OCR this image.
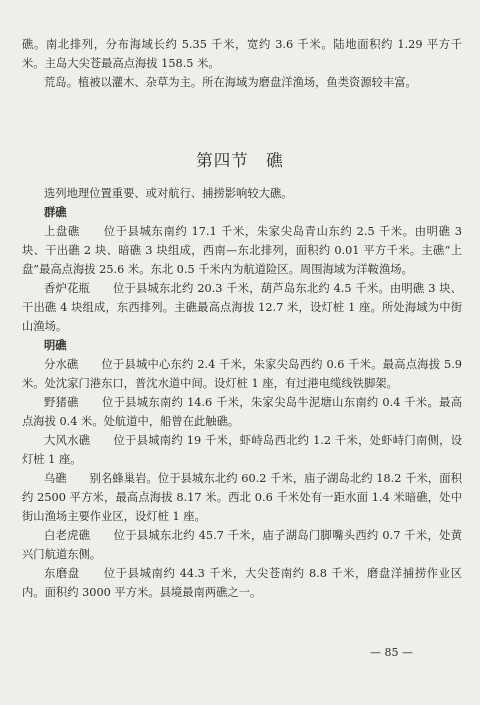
礁。南北排列，分布海域长约 5.35 千米，宽约 3.6 千米。陆地面积约 1.29 平方千米。主岛大尖苍最高点海拔 158.5 米。

荒岛。植被以灌木、杂草为主。所在海域为磨盘洋渔场，鱼类资源较丰富。

第四节　礁

选列地理位置重要、或对航行、捕捞影响较大礁。

群礁

上盘礁　　位于县城东南约 17.1 千米，朱家尖岛青山东约 2.5 千米。由明礁 3 块、干出礁 2 块、暗礁 3 块组成，西南—东北排列，面积约 0.01 平方千米。主礁“上盘”最高点海拔 25.6 米。东北 0.5 千米内为航道险区。周围海域为洋鞍渔场。

香炉花瓶　　位于县城东北约 20.3 千米，葫芦岛东北约 4.5 千米。由明礁 3 块、干出礁 4 块组成，东西排列。主礁最高点海拔 12.7 米，设灯桩 1 座。所处海域为中街山渔场。

明礁

分水礁　　位于县城中心东约 2.4 千米，朱家尖岛西约 0.6 千米。最高点海拔 5.9 米。处沈家门港东口，普沈水道中间。设灯桩 1 座，有过港电缆线铁脚架。

野猪礁　　位于县城东南约 14.6 千米，朱家尖岛牛泥塘山东南约 0.4 千米。最高点海拔 0.4 米。处航道中，船曾在此触礁。

大风水礁　　位于县城南约 19 千米，虾峙岛西北约 1.2 千米，处虾峙门南侧，设灯桩 1 座。

乌礁　　别名蜂巢岩。位于县城东北约 60.2 千米，庙子湖岛北约 18.2 千米，面积约 2500 平方米，最高点海拔 8.17 米。西北 0.6 千米处有一距水面 1.4 米暗礁，处中街山渔场主要作业区，设灯桩 1 座。

白老虎礁　　位于县城东北约 45.7 千米，庙子湖岛门脚嘴头西约 0.7 千米，处黄兴门航道东侧。

东磨盘　　位于县城南约 44.3 千米，大尖苍南约 8.8 千米，磨盘洋捕捞作业区内。面积约 3000 平方米。县境最南两礁之一。

— 85 —
